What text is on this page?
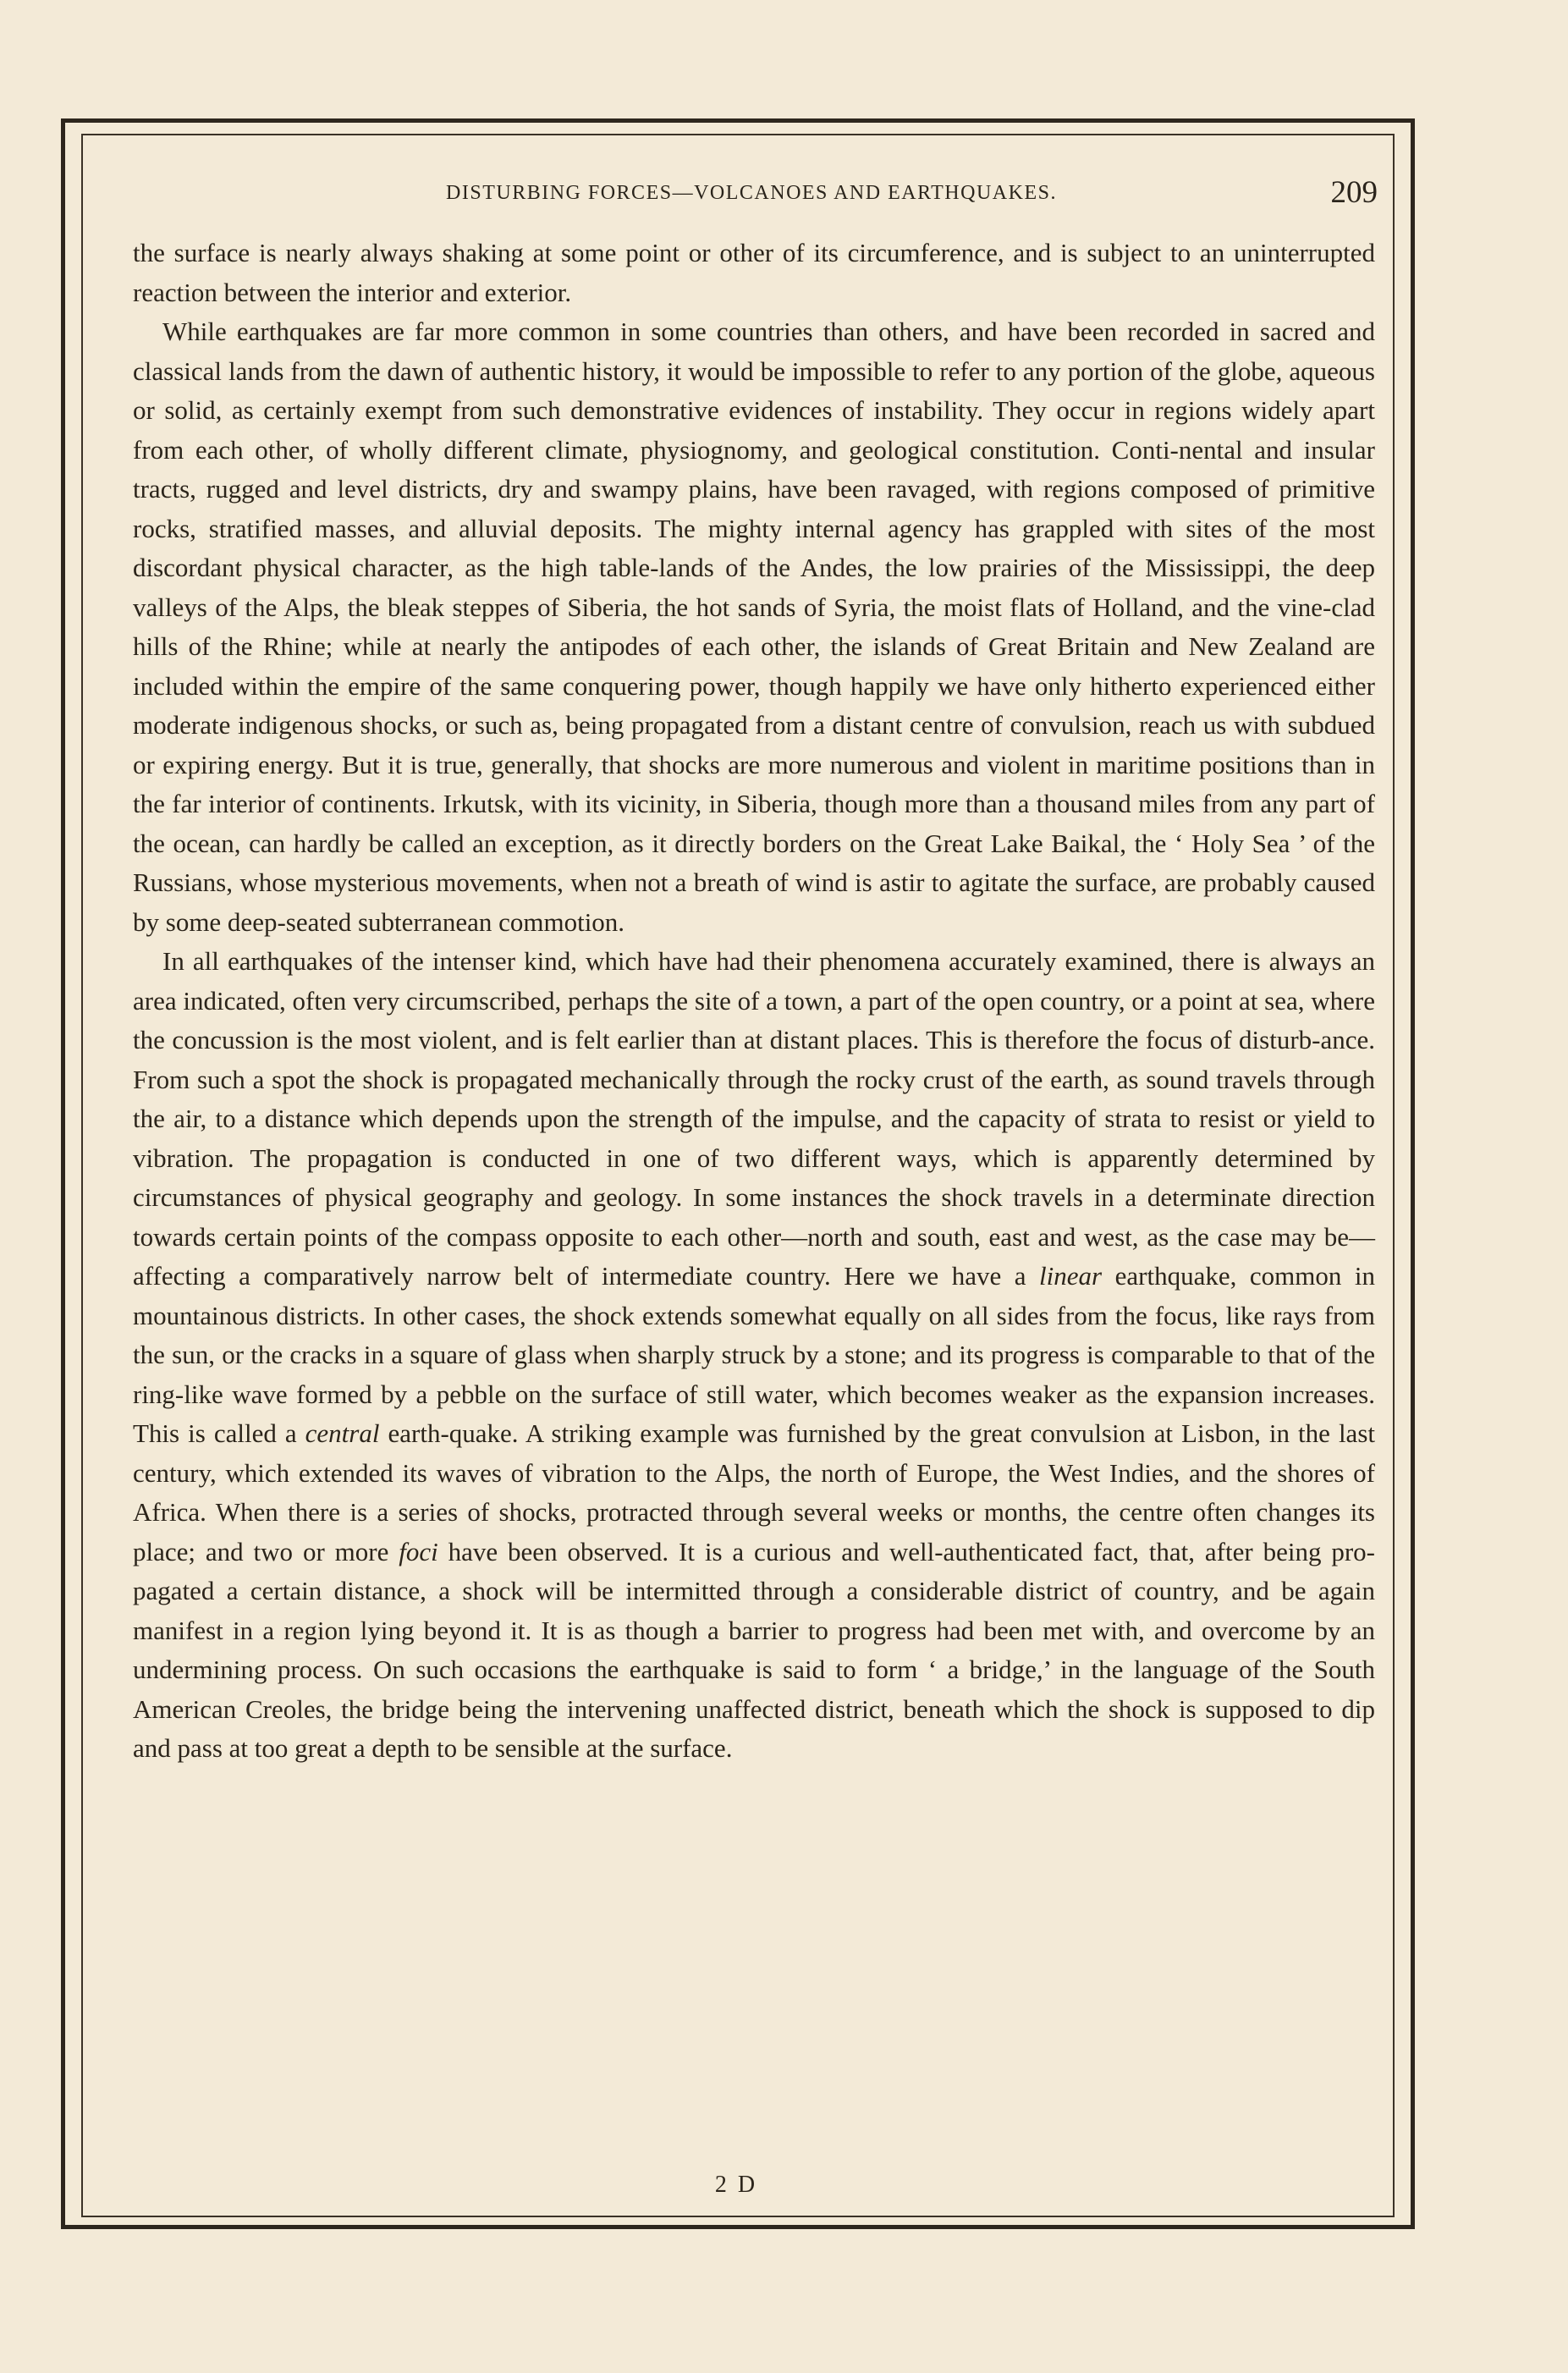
DISTURBING FORCES—VOLCANOES AND EARTHQUAKES.	209

the surface is nearly always shaking at some point or other of its circumference, and is subject to an uninterrupted reaction between the interior and exterior.

While earthquakes are far more common in some countries than others, and have been recorded in sacred and classical lands from the dawn of authentic history, it would be impossible to refer to any portion of the globe, aqueous or solid, as certainly exempt from such demonstrative evidences of instability. They occur in regions widely apart from each other, of wholly different climate, physiognomy, and geological constitution. Conti-nental and insular tracts, rugged and level districts, dry and swampy plains, have been ravaged, with regions composed of primitive rocks, stratified masses, and alluvial deposits. The mighty internal agency has grappled with sites of the most discordant physical character, as the high table-lands of the Andes, the low prairies of the Mississippi, the deep valleys of the Alps, the bleak steppes of Siberia, the hot sands of Syria, the moist flats of Holland, and the vine-clad hills of the Rhine; while at nearly the antipodes of each other, the islands of Great Britain and New Zealand are included within the empire of the same conquering power, though happily we have only hitherto experienced either moderate indigenous shocks, or such as, being propagated from a distant centre of convulsion, reach us with subdued or expiring energy. But it is true, generally, that shocks are more numerous and violent in maritime positions than in the far interior of continents. Irkutsk, with its vicinity, in Siberia, though more than a thousand miles from any part of the ocean, can hardly be called an exception, as it directly borders on the Great Lake Baikal, the ‘ Holy Sea ’ of the Russians, whose mysterious movements, when not a breath of wind is astir to agitate the surface, are probably caused by some deep-seated subterranean commotion.

In all earthquakes of the intenser kind, which have had their phenomena accurately examined, there is always an area indicated, often very circumscribed, perhaps the site of a town, a part of the open country, or a point at sea, where the concussion is the most violent, and is felt earlier than at distant places. This is therefore the focus of disturb-ance. From such a spot the shock is propagated mechanically through the rocky crust of the earth, as sound travels through the air, to a distance which depends upon the strength of the impulse, and the capacity of strata to resist or yield to vibration. The propagation is conducted in one of two different ways, which is apparently determined by circumstances of physical geography and geology. In some instances the shock travels in a determinate direction towards certain points of the compass opposite to each other—north and south, east and west, as the case may be—affecting a comparatively narrow belt of intermediate country. Here we have a linear earthquake, common in mountainous districts. In other cases, the shock extends somewhat equally on all sides from the focus, like rays from the sun, or the cracks in a square of glass when sharply struck by a stone; and its progress is comparable to that of the ring-like wave formed by a pebble on the surface of still water, which becomes weaker as the expansion increases. This is called a central earth-quake. A striking example was furnished by the great convulsion at Lisbon, in the last century, which extended its waves of vibration to the Alps, the north of Europe, the West Indies, and the shores of Africa. When there is a series of shocks, protracted through several weeks or months, the centre often changes its place; and two or more foci have been observed. It is a curious and well-authenticated fact, that, after being pro-pagated a certain distance, a shock will be intermitted through a considerable district of country, and be again manifest in a region lying beyond it. It is as though a barrier to progress had been met with, and overcome by an undermining process. On such occasions the earthquake is said to form ‘ a bridge,’ in the language of the South American Creoles, the bridge being the intervening unaffected district, beneath which the shock is supposed to dip and pass at too great a depth to be sensible at the surface.

2 D
